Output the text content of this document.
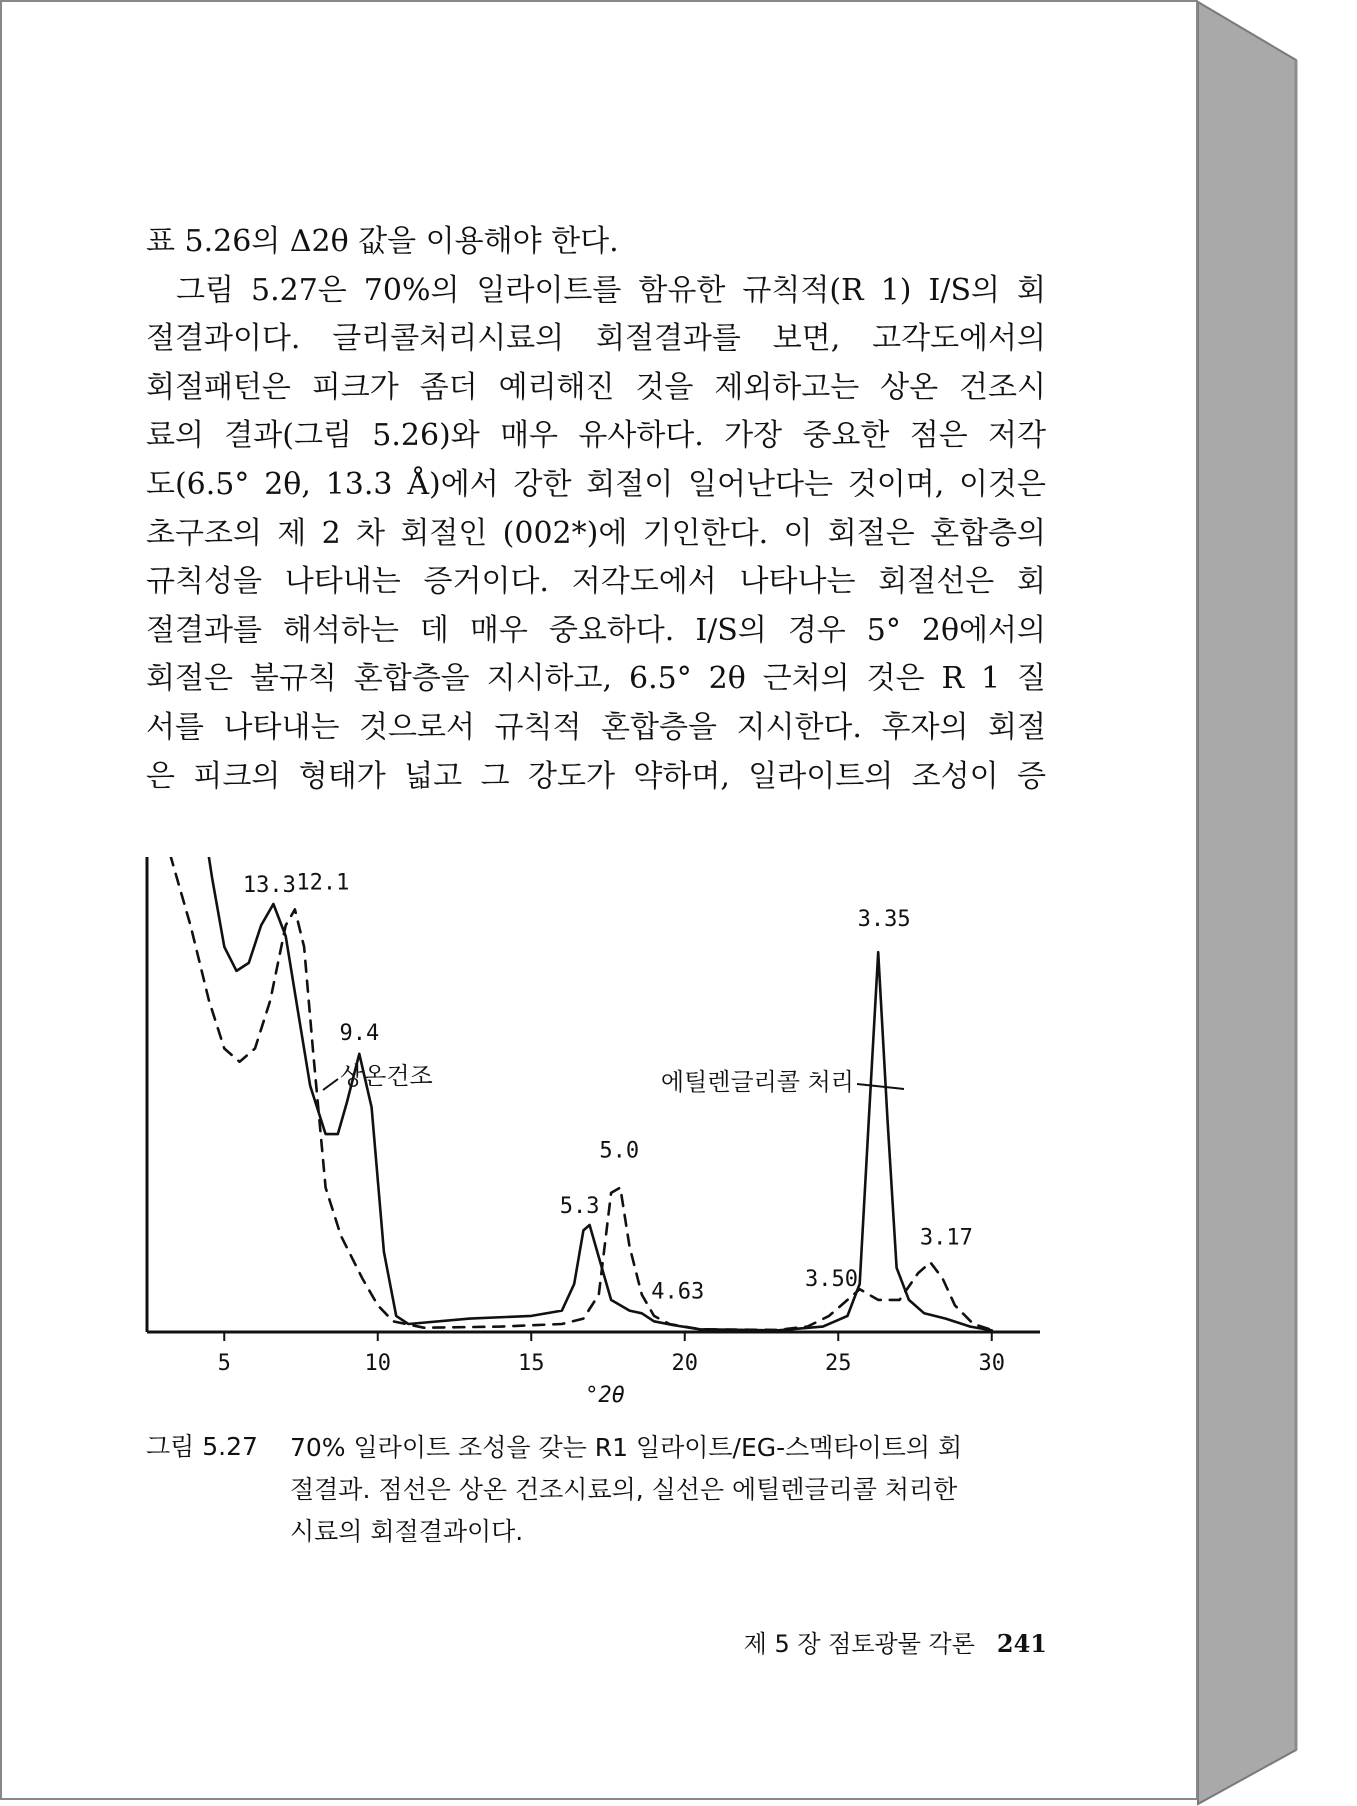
표 5.26의 Δ2θ 값을 이용해야 한다.
그림 5.27은 70%의 일라이트를 함유한 규칙적(R 1) I/S의 회
절결과이다. 글리콜처리시료의 회절결과를 보면, 고각도에서의
회절패턴은 피크가 좀더 예리해진 것을 제외하고는 상온 건조시
료의 결과(그림 5.26)와 매우 유사하다. 가장 중요한 점은 저각
도(6.5° 2θ, 13.3 Å)에서 강한 회절이 일어난다는 것이며, 이것은
초구조의 제 2 차 회절인 (002*)에 기인한다. 이 회절은 혼합층의
규칙성을 나타내는 증거이다. 저각도에서 나타나는 회절선은 회
절결과를 해석하는 데 매우 중요하다. I/S의 경우 5° 2θ에서의
회절은 불규칙 혼합층을 지시하고, 6.5° 2θ 근처의 것은 R 1 질
서를 나타내는 것으로서 규칙적 혼합층을 지시한다. 후자의 회절
은 피크의 형태가 넓고 그 강도가 약하며, 일라이트의 조성이 증
5	10	15	20	25	30
13.3 12.1
9.4
5.3
5.0
4.63
3.35
3.50
3.17
°2θ
상온건조	에틸렌글리콜 처리
그림 5.27 70% 일라이트 조성을 갖는 R1 일라이트/EG-스멕타이트의 회
절결과. 점선은 상온 건조시료의, 실선은 에틸렌글리콜 처리한
시료의 회절결과이다.
제 5 장 점토광물 각론 241
